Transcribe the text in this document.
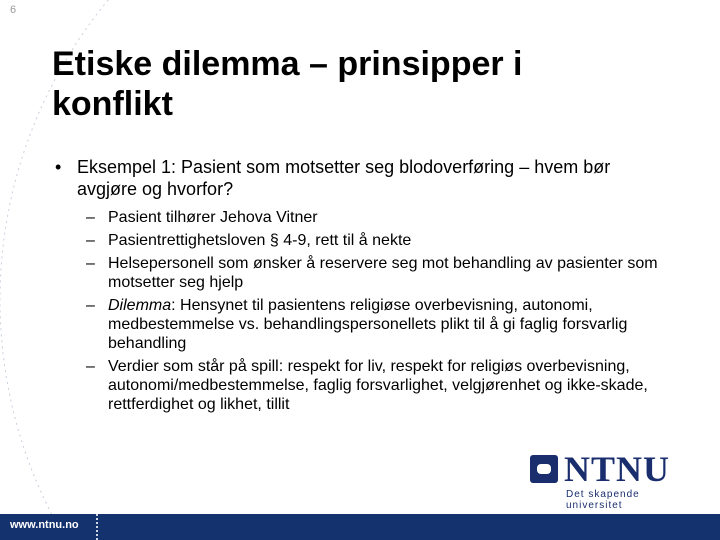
6
Etiske dilemma – prinsipper i konflikt
• Eksempel 1: Pasient som motsetter seg blodoverføring – hvem bør avgjøre og hvorfor?
– Pasient tilhører Jehova Vitner
– Pasientrettighetsloven § 4-9, rett til å nekte
– Helsepersonell som ønsker å reservere seg mot behandling av pasienter som motsetter seg hjelp
– Dilemma: Hensynet til pasientens religiøse overbevisning, autonomi, medbestemmelse vs. behandlingspersonellets plikt til å gi faglig forsvarlig behandling
– Verdier som står på spill: respekt for liv, respekt for religiøs overbevisning, autonomi/medbestemmelse, faglig forsvarlighet, velgjørenhet og ikke-skade, rettferdighet og likhet, tillit
NTNU
Det skapende universitet
www.ntnu.no
